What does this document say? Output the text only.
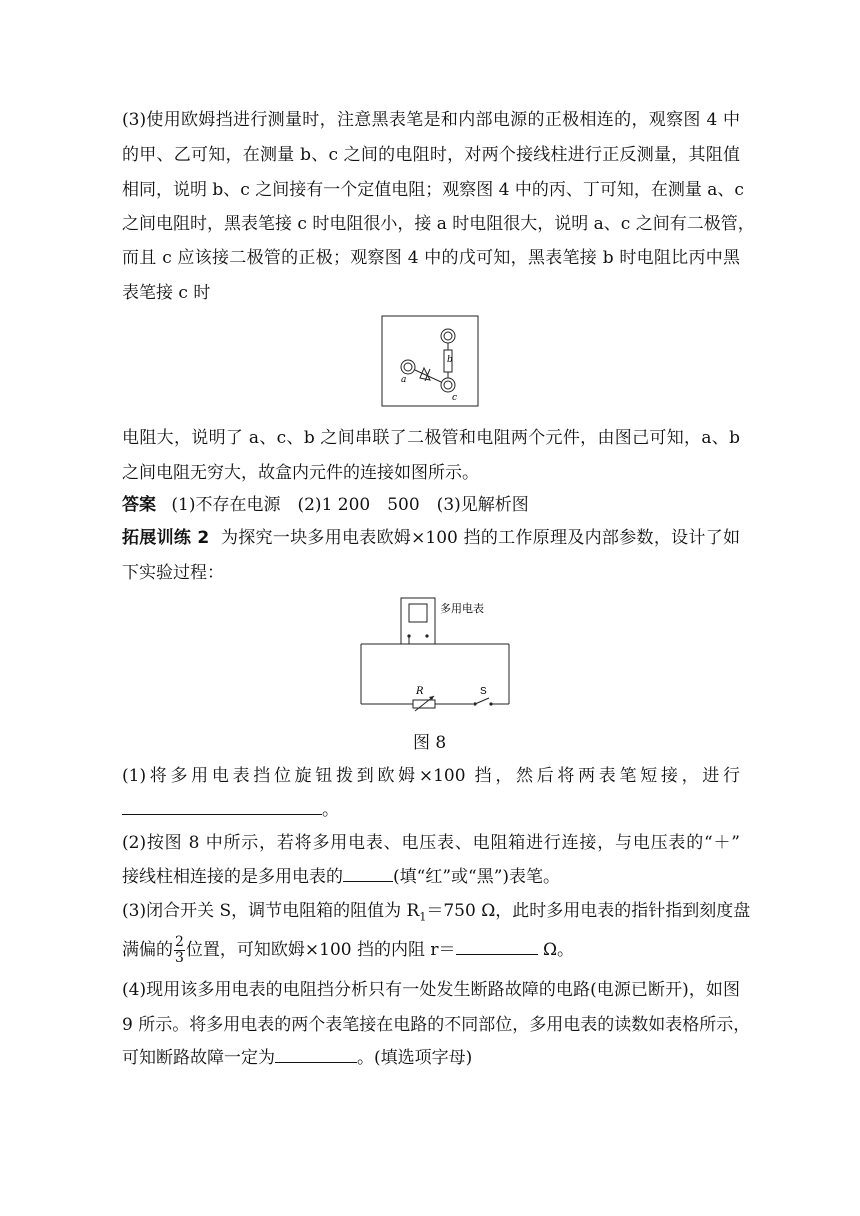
(3)使用欧姆挡进行测量时，注意黑表笔是和内部电源的正极相连的，观察图 4 中
的甲、乙可知，在测量 b、c 之间的电阻时，对两个接线柱进行正反测量，其阻值
相同，说明 b、c 之间接有一个定值电阻；观察图 4 中的丙、丁可知，在测量 a、c
之间电阻时，黑表笔接 c 时电阻很小，接 a 时电阻很大，说明 a、c 之间有二极管，
而且 c 应该接二极管的正极；观察图 4 中的戊可知，黑表笔接 b 时电阻比丙中黑
表笔接 c 时
b
a
c
电阻大，说明了 a、c、b 之间串联了二极管和电阻两个元件，由图己可知，a、b
之间电阻无穷大，故盒内元件的连接如图所示。
答案 (1)不存在电源　(2)1 200　500　(3)见解析图
拓展训练 2 为探究一块多用电表欧姆×100 挡的工作原理及内部参数，设计了如
下实验过程：
多用电表
R	S
图 8
(1)将多用电表挡位旋钮拨到欧姆×100 挡，然后将两表笔短接，进行
。
(2)按图 8 中所示，若将多用电表、电压表、电阻箱进行连接，与电压表的“＋”
接线柱相连接的是多用电表的	(填“红”或“黑”)表笔。
(3)闭合开关 S，调节电阻箱的阻值为 $R_1=750$ Ω，此时多用电表的指针指到刻度盘
满偏的 $\frac{2}{3}$ 位置，可知欧姆×100 挡的内阻 r＝	Ω。
(4)现用该多用电表的电阻挡分析只有一处发生断路故障的电路(电源已断开)，如图
9 所示。将多用电表的两个表笔接在电路的不同部位，多用电表的读数如表格所示，
可知断路故障一定为	。(填选项字母)
